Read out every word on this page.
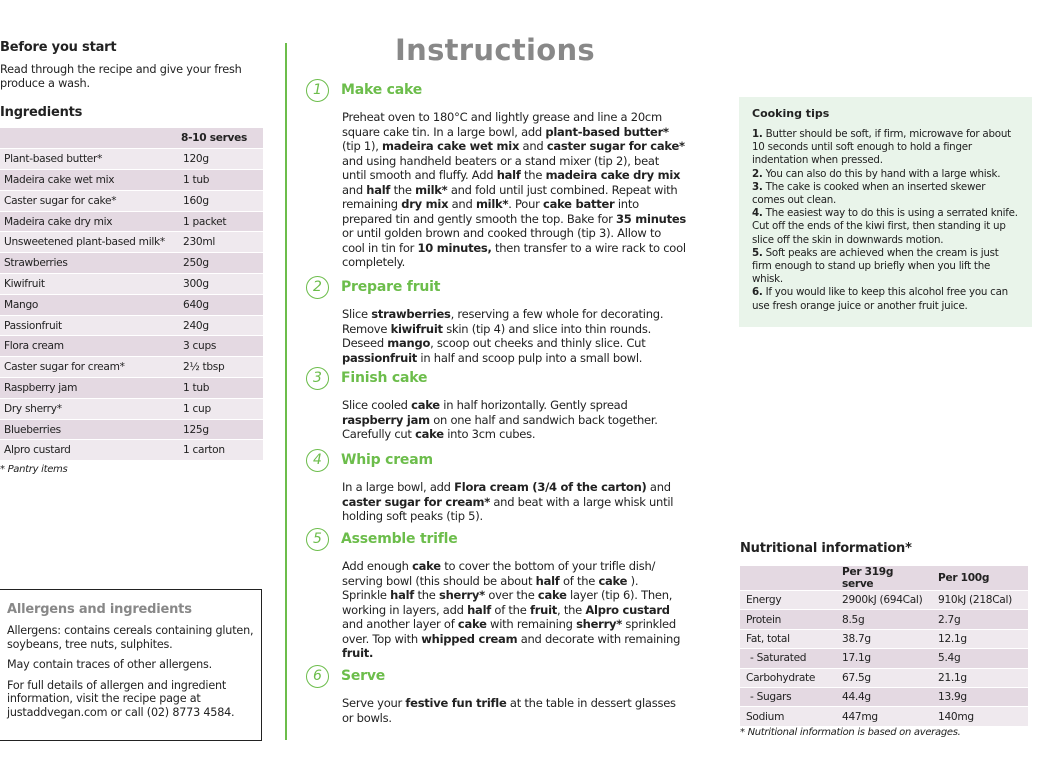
Before you start

Read through the recipe and give your fresh produce a wash.

Ingredients
	8-10 serves
Plant-based butter*	120g
Madeira cake wet mix	1 tub
Caster sugar for cake*	160g
Madeira cake dry mix	1 packet
Unsweetened plant-based milk*	230ml
Strawberries	250g
Kiwifruit	300g
Mango	640g
Passionfruit	240g
Flora cream	3 cups
Caster sugar for cream*	2½ tbsp
Raspberry jam	1 tub
Dry sherry*	1 cup
Blueberries	125g
Alpro custard	1 carton

* Pantry items

Allergens and ingredients

Allergens: contains cereals containing gluten, soybeans, tree nuts, sulphites.

May contain traces of other allergens.

For full details of allergen and ingredient information, visit the recipe page at justaddvegan.com or call (02) 8773 4584.

Instructions
1	Make cake
Preheat oven to 180°C and lightly grease and line a 20cm square cake tin. In a large bowl, add plant-based butter* (tip 1), madeira cake wet mix and caster sugar for cake* and using handheld beaters or a stand mixer (tip 2), beat until smooth and fluffy. Add half the madeira cake dry mix and half the milk* and fold until just combined. Repeat with remaining dry mix and milk*. Pour cake batter into prepared tin and gently smooth the top. Bake for 35 minutes or until golden brown and cooked through (tip 3). Allow to cool in tin for 10 minutes, then transfer to a wire rack to cool completely.
2	Prepare fruit
Slice strawberries, reserving a few whole for decorating. Remove kiwifruit skin (tip 4) and slice into thin rounds. Deseed mango, scoop out cheeks and thinly slice. Cut passionfruit in half and scoop pulp into a small bowl.
3	Finish cake
Slice cooled cake in half horizontally. Gently spread raspberry jam on one half and sandwich back together. Carefully cut cake into 3cm cubes.
4	Whip cream
In a large bowl, add Flora cream (3/4 of the carton) and caster sugar for cream* and beat with a large whisk until holding soft peaks (tip 5).
5	Assemble trifle
Add enough cake to cover the bottom of your trifle dish/ serving bowl (this should be about half of the cake ). Sprinkle half the sherry* over the cake layer (tip 6). Then, working in layers, add half of the fruit, the Alpro custard and another layer of cake with remaining sherry* sprinkled over. Top with whipped cream and decorate with remaining fruit.
6	Serve
Serve your festive fun trifle at the table in dessert glasses or bowls.
Cooking tips

1. Butter should be soft, if firm, microwave for about 10 seconds until soft enough to hold a finger indentation when pressed.

2. You can also do this by hand with a large whisk.

3. The cake is cooked when an inserted skewer comes out clean.

4. The easiest way to do this is using a serrated knife. Cut off the ends of the kiwi first, then standing it up slice off the skin in downwards motion.

5. Soft peaks are achieved when the cream is just firm enough to stand up briefly when you lift the whisk.

6. If you would like to keep this alcohol free you can use fresh orange juice or another fruit juice.

Nutritional information*
	Per 319g serve	Per 100g
Energy	2900kJ (694Cal)	910kJ (218Cal)
Protein	8.5g	2.7g
Fat, total	38.7g	12.1g
- Saturated	17.1g	5.4g
Carbohydrate	67.5g	21.1g
- Sugars	44.4g	13.9g
Sodium	447mg	140mg

* Nutritional information is based on averages.
